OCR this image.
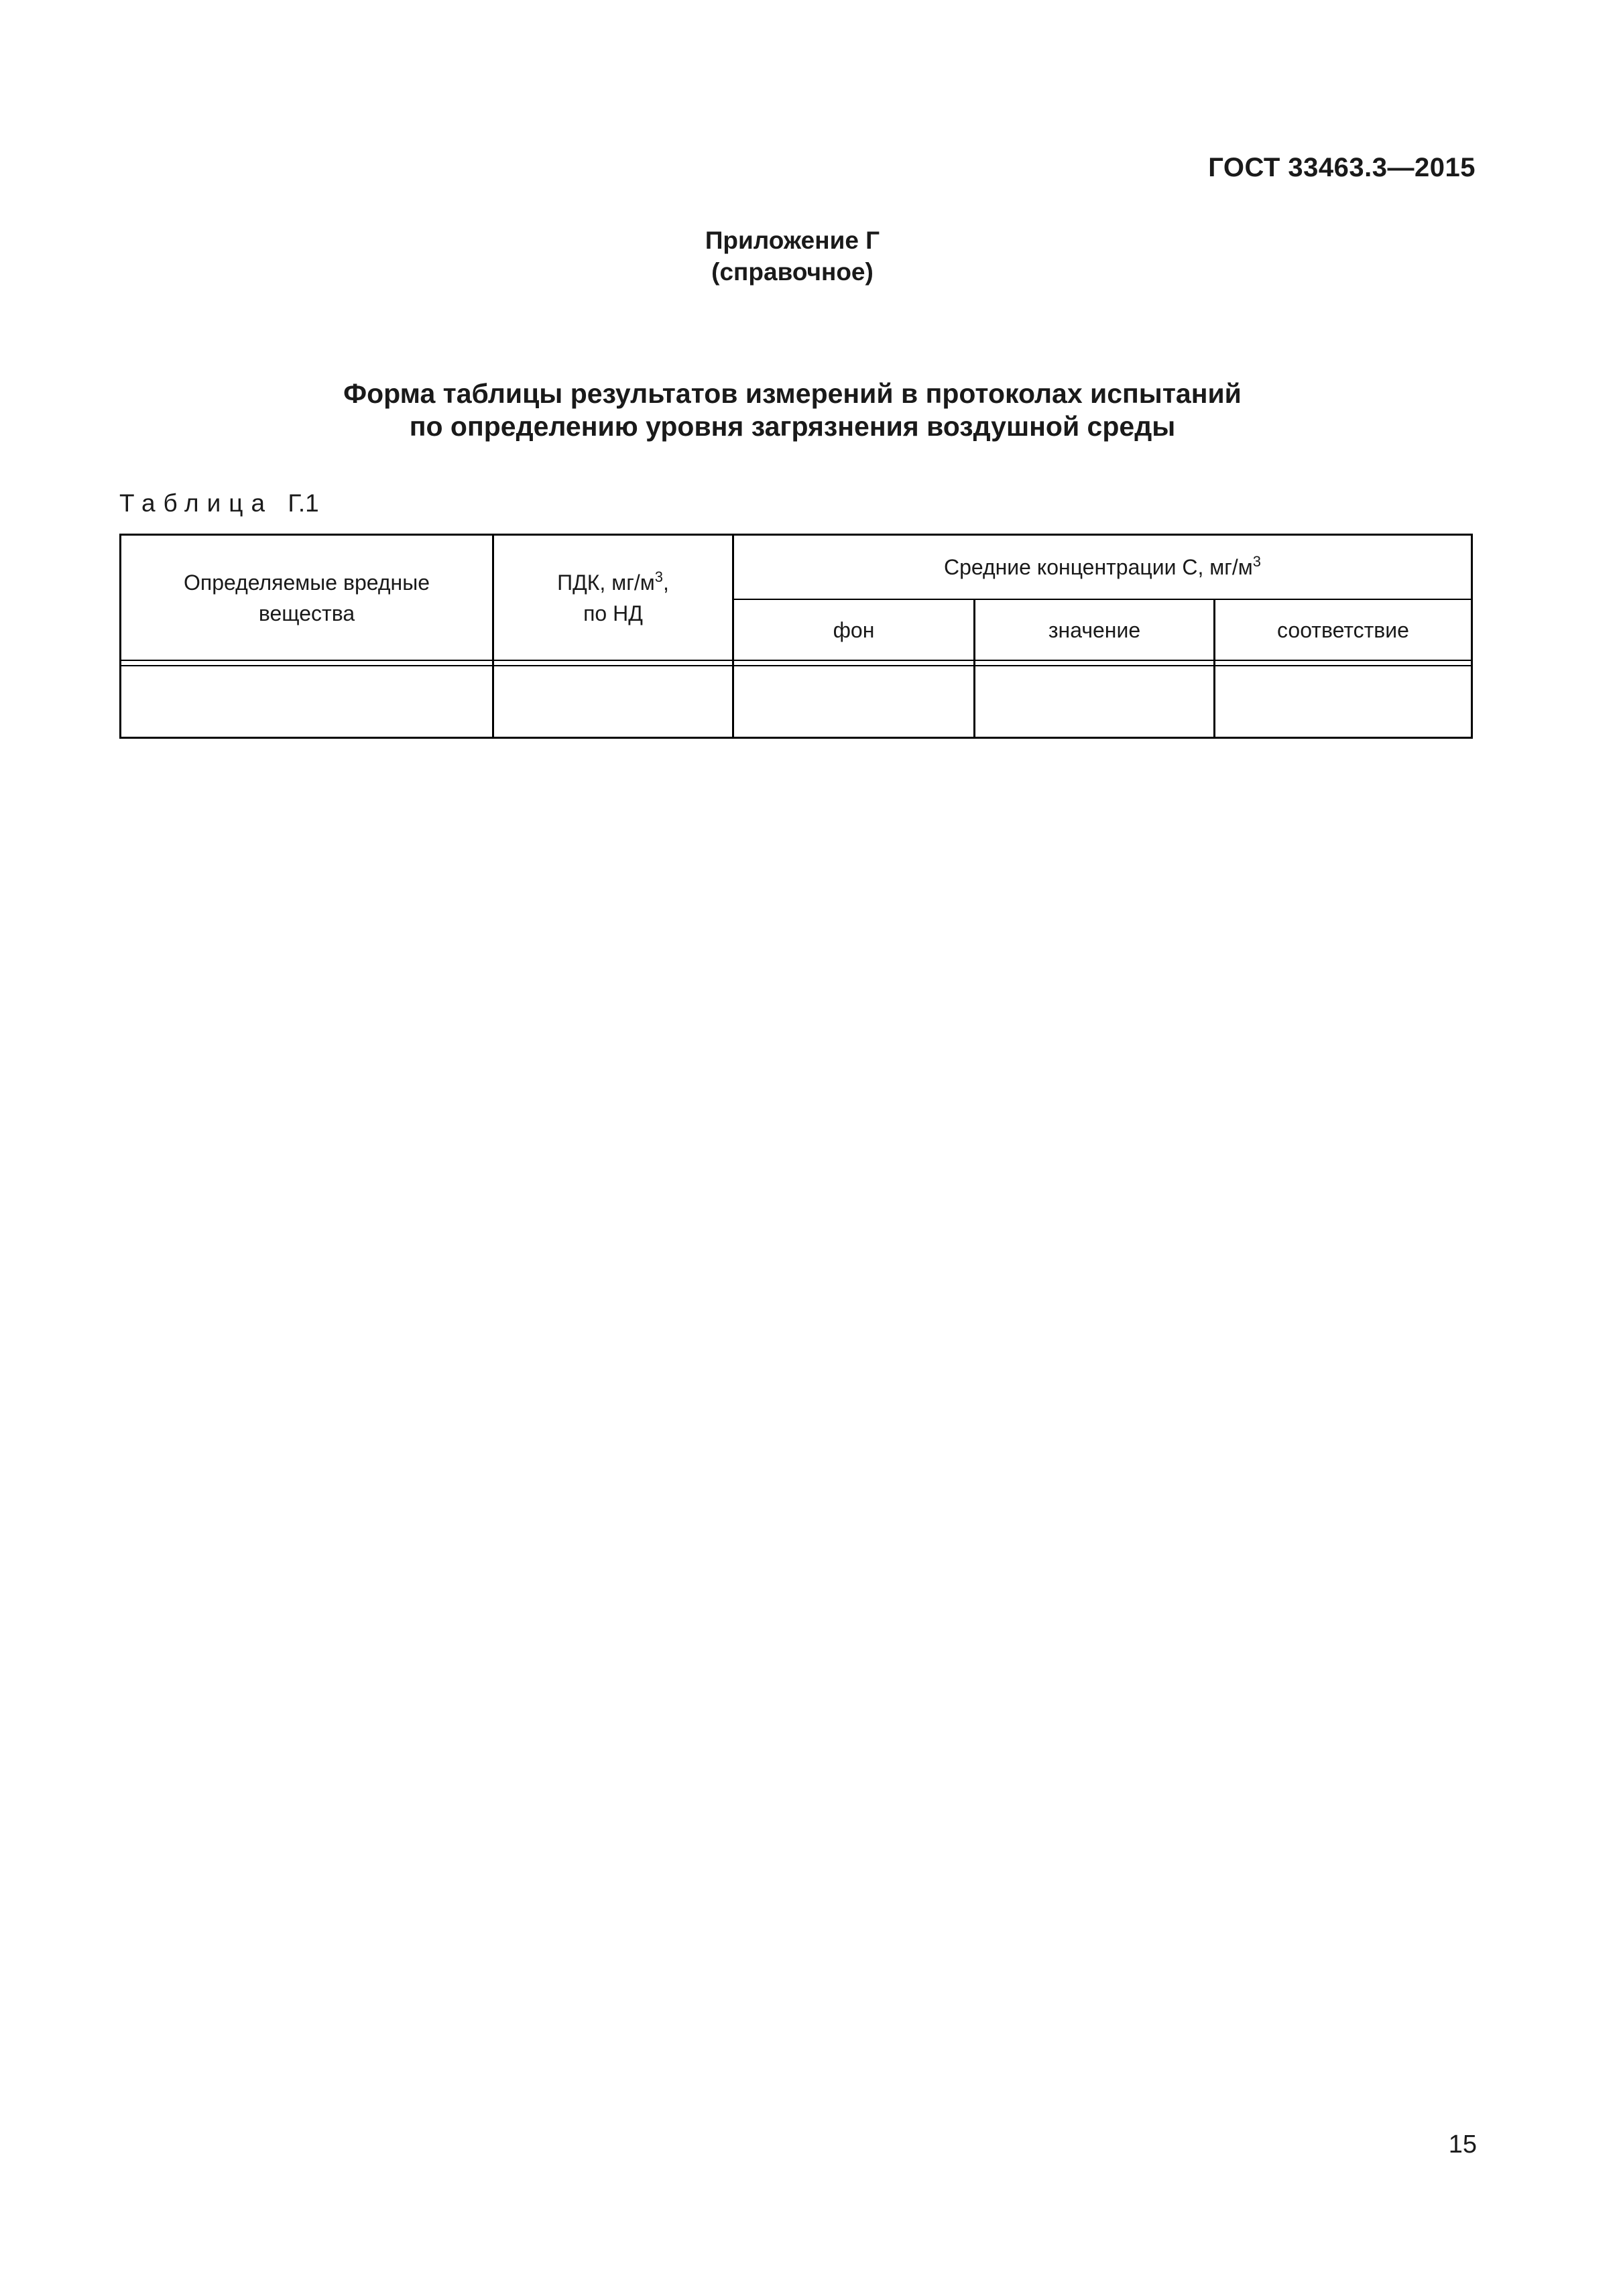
ГОСТ 33463.3—2015
Приложение Г
(справочное)
Форма таблицы результатов измерений в протоколах испытаний
по определению уровня загрязнения воздушной среды
Таблица Г.1
Определяемые вредные
вещества
ПДК, $мг/м^3$,
по НД
Средние концентрации С, $мг/м^3$
фон	значение	соответствие
15
